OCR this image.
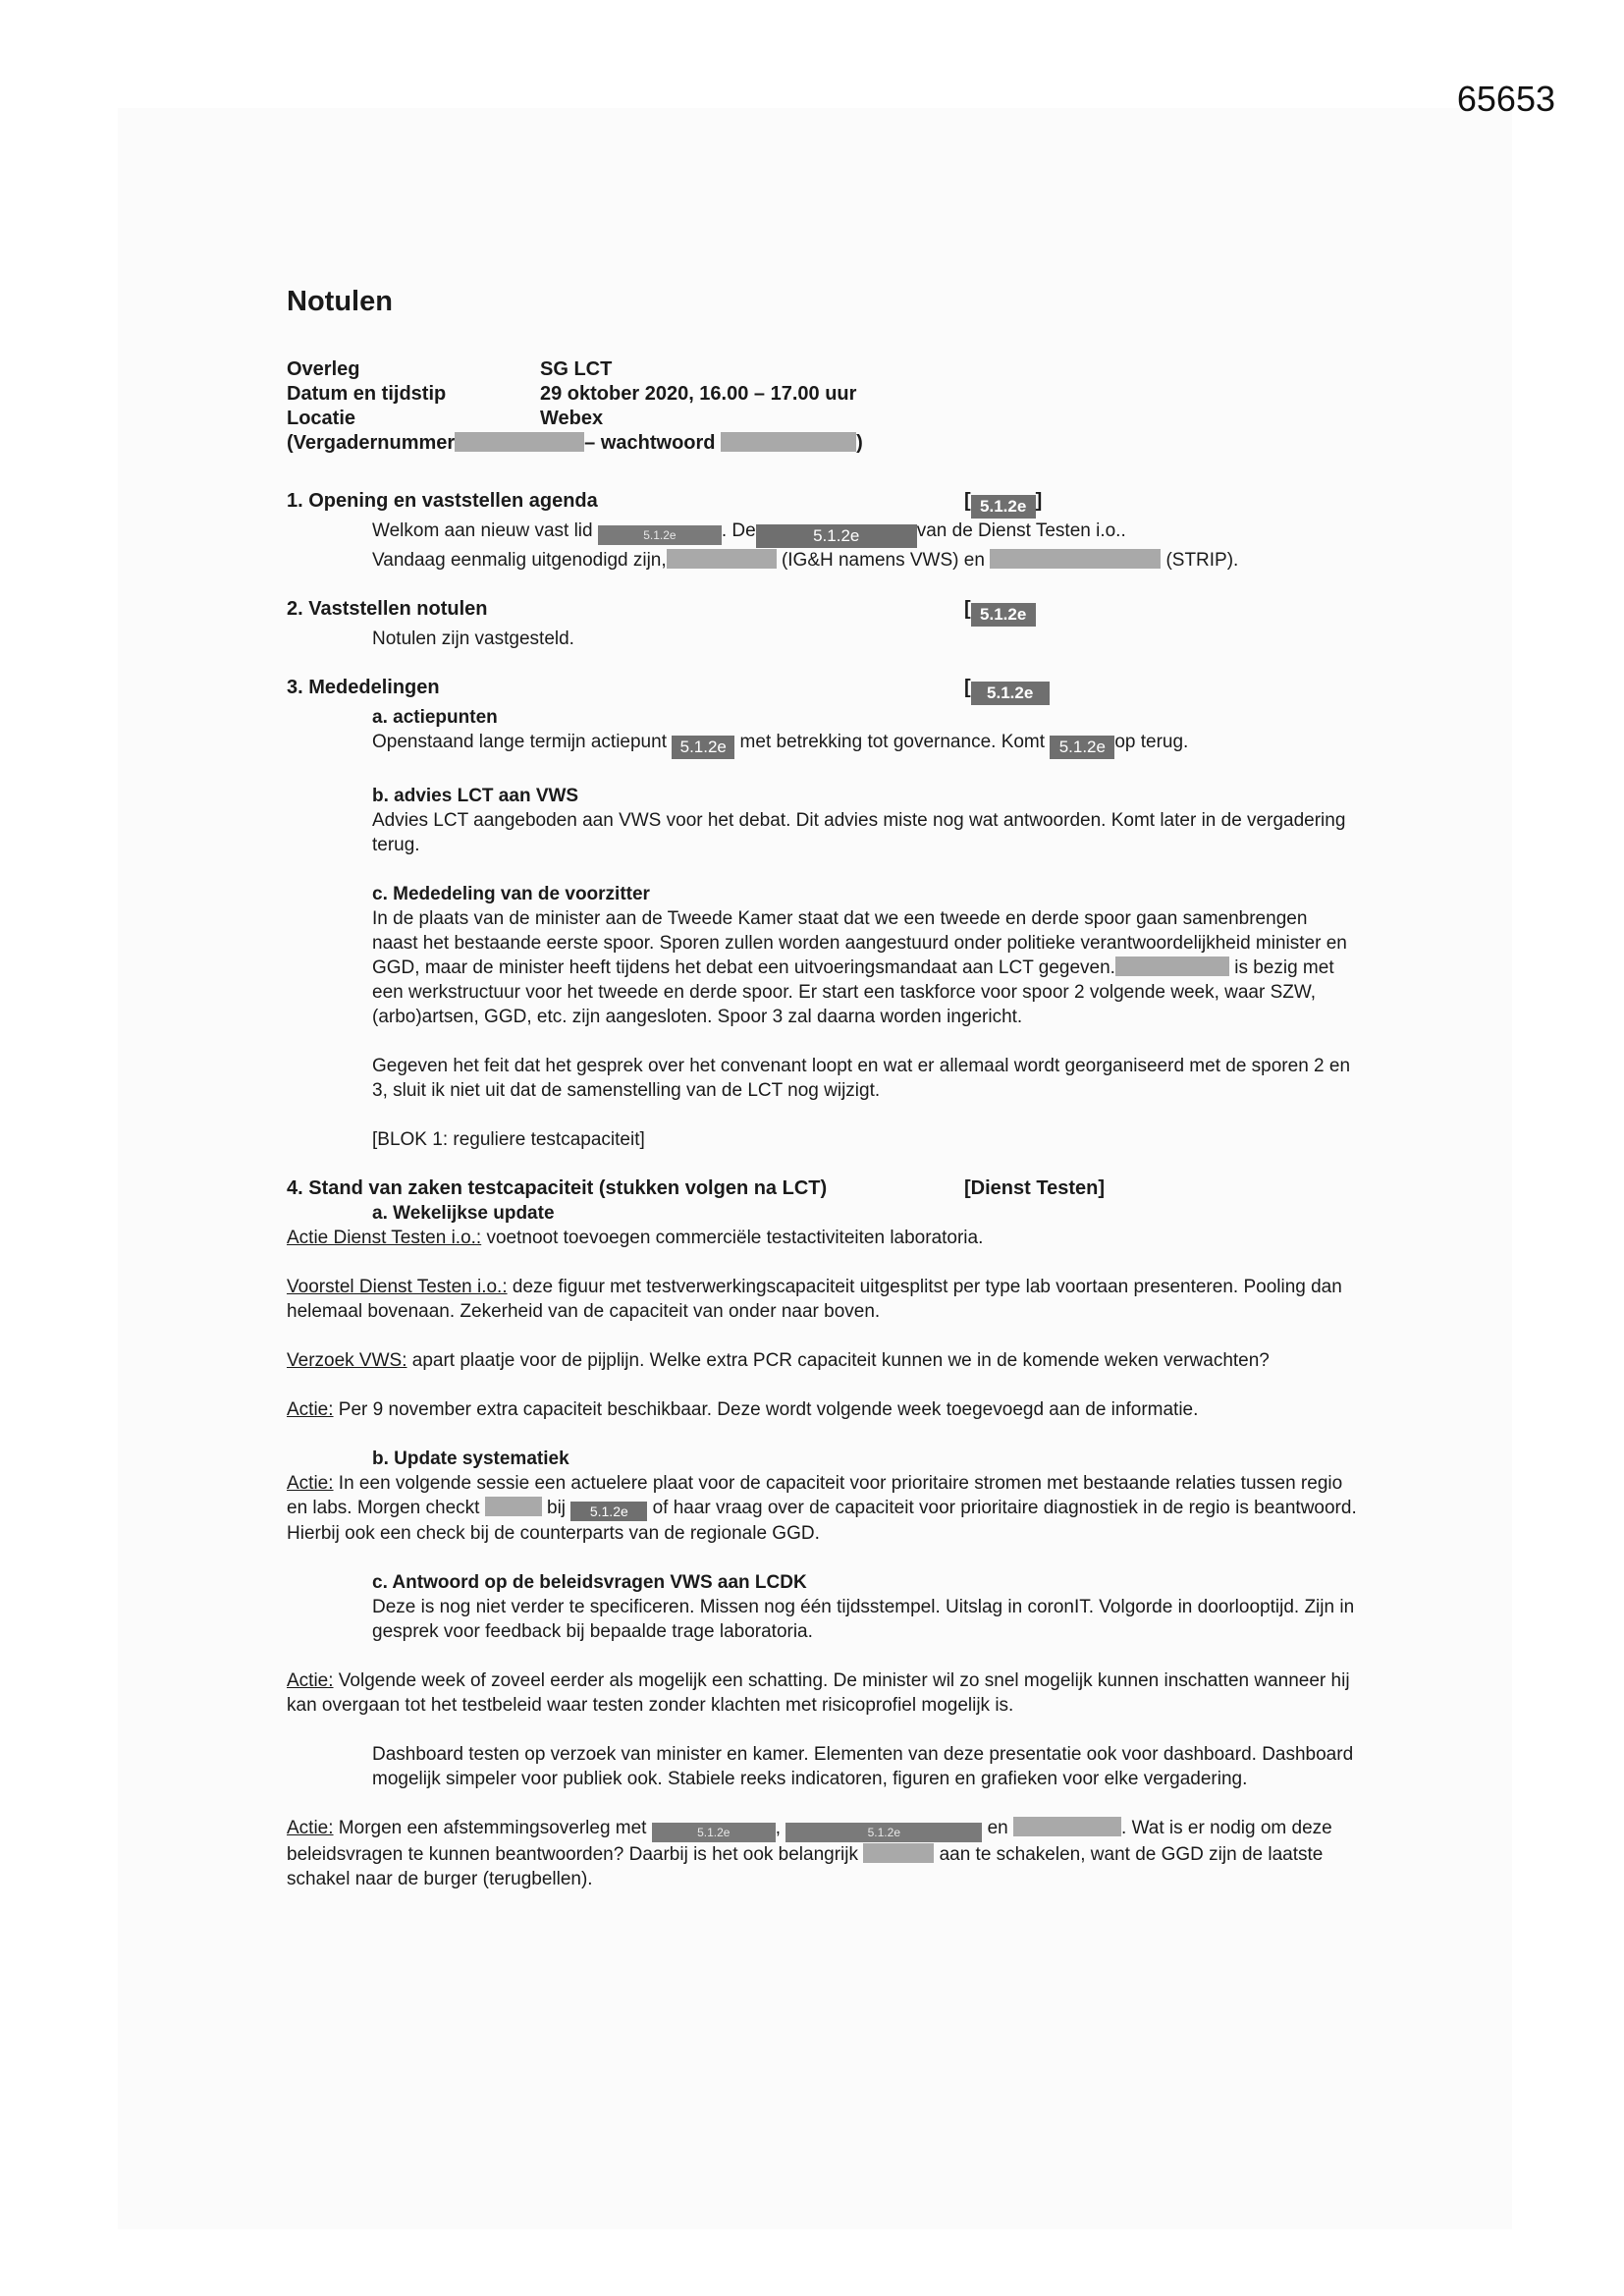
65653
Notulen
Overleg	SG LCT
Datum en tijdstip	29 oktober 2020, 16.00 – 17.00 uur
Locatie	Webex
(Vergadernummer	– wachtwoord	)
1. Opening en vaststellen agenda	[ 5.1.2e ]

Welkom aan nieuw vast lid	5.1.2e . De	5.1.2e	van de Dienst Testen i.o..

Vandaag eenmalig uitgenodigd zijn,	(IG&H namens VWS) en	(STRIP).

2. Vaststellen notulen	[ 5.1.2e

Notulen zijn vastgesteld.

3. Mededelingen	[ 5.1.2e
a. actiepunten

Openstaand lange termijn actiepunt 5.1.2e met betrekking tot governance. Komt 5.1.2e op terug.

b. advies LCT aan VWS

Advies LCT aangeboden aan VWS voor het debat. Dit advies miste nog wat antwoorden. Komt later in de vergadering terug.

c. Mededeling van de voorzitter

In de plaats van de minister aan de Tweede Kamer staat dat we een tweede en derde spoor gaan samenbrengen naast het bestaande eerste spoor. Sporen zullen worden aangestuurd onder politieke verantwoordelijkheid minister en GGD, maar de minister heeft tijdens het debat een uitvoeringsmandaat aan LCT gegeven.	is bezig met een werkstructuur voor het tweede en derde spoor. Er start een taskforce voor spoor 2 volgende week, waar SZW, (arbo)artsen, GGD, etc. zijn aangesloten. Spoor 3 zal daarna worden ingericht.

Gegeven het feit dat het gesprek over het convenant loopt en wat er allemaal wordt georganiseerd met de sporen 2 en 3, sluit ik niet uit dat de samenstelling van de LCT nog wijzigt.

[BLOK 1: reguliere testcapaciteit]

4. Stand van zaken testcapaciteit (stukken volgen na LCT)	[Dienst Testen]
a. Wekelijkse update

Actie Dienst Testen i.o.: voetnoot toevoegen commerciële testactiviteiten laboratoria.

Voorstel Dienst Testen i.o.: deze figuur met testverwerkingscapaciteit uitgesplitst per type lab voortaan presenteren. Pooling dan helemaal bovenaan. Zekerheid van de capaciteit van onder naar boven.

Verzoek VWS: apart plaatje voor de pijplijn. Welke extra PCR capaciteit kunnen we in de komende weken verwachten?

Actie: Per 9 november extra capaciteit beschikbaar. Deze wordt volgende week toegevoegd aan de informatie.

b. Update systematiek

Actie: In een volgende sessie een actuelere plaat voor de capaciteit voor prioritaire stromen met bestaande relaties tussen regio en labs. Morgen checkt	bij 5.1.2e of haar vraag over de capaciteit voor prioritaire diagnostiek in de regio is beantwoord. Hierbij ook een check bij de counterparts van de regionale GGD.

c. Antwoord op de beleidsvragen VWS aan LCDK

Deze is nog niet verder te specificeren. Missen nog één tijdsstempel. Uitslag in coronIT. Volgorde in doorlooptijd. Zijn in gesprek voor feedback bij bepaalde trage laboratoria.

Actie: Volgende week of zoveel eerder als mogelijk een schatting. De minister wil zo snel mogelijk kunnen inschatten wanneer hij kan overgaan tot het testbeleid waar testen zonder klachten met risicoprofiel mogelijk is.

Dashboard testen op verzoek van minister en kamer. Elementen van deze presentatie ook voor dashboard. Dashboard mogelijk simpeler voor publiek ook. Stabiele reeks indicatoren, figuren en grafieken voor elke vergadering.

Actie: Morgen een afstemmingsoverleg met	5.1.2e ,	5.1.2e	en	. Wat is er nodig om deze beleidsvragen te kunnen beantwoorden? Daarbij is het ook belangrijk	aan te schakelen, want de GGD zijn de laatste schakel naar de burger (terugbellen).
